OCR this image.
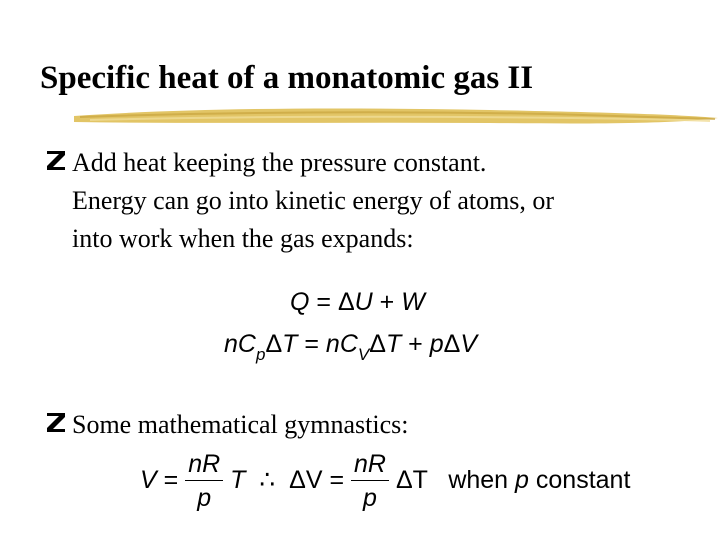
Specific heat of a monatomic gas II
Add heat keeping the pressure constant.
Energy can go into kinetic energy of atoms, or
into work when the gas expands:
Q = ΔU + W
$nC_p\Delta T = nC_V\Delta T + p\Delta V$
Some mathematical gymnastics:
$V = \frac{nR}{p}$ T ∴ $\Delta V = \frac{nR}{p}$ ΔT when p constant
